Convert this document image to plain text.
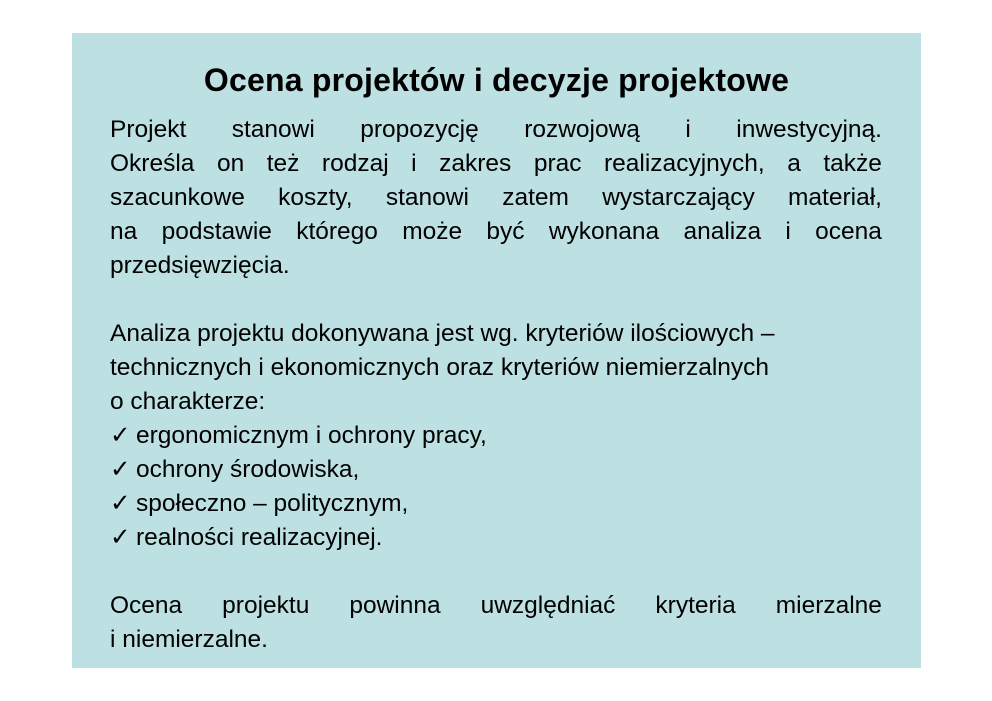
Ocena projektów i decyzje projektowe
Projekt stanowi propozycję rozwojową i inwestycyjną.
Określa on też rodzaj i zakres prac realizacyjnych, a także
szacunkowe koszty, stanowi zatem wystarczający materiał,
na podstawie którego może być wykonana analiza i ocena
przedsięwzięcia.
Analiza projektu dokonywana jest wg. kryteriów ilościowych –
technicznych i ekonomicznych oraz kryteriów niemierzalnych
o charakterze:
✓ ergonomicznym i ochrony pracy,
✓ ochrony środowiska,
✓ społeczno – politycznym,
✓ realności realizacyjnej.
Ocena projektu powinna uwzględniać kryteria mierzalne
i niemierzalne.
